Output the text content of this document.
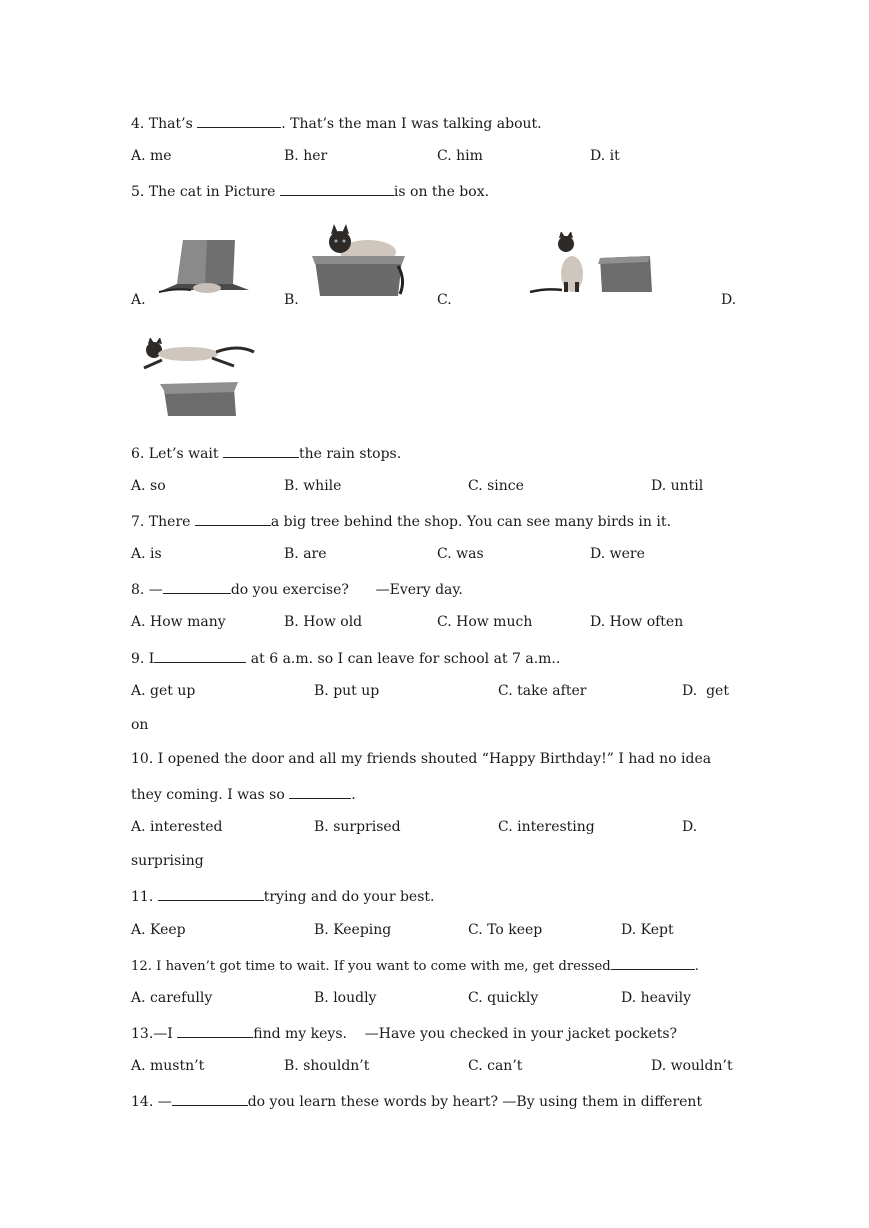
4. That’s	. That’s the man I was talking about.
A. me	B. her	C. him	D. it
5. The cat in Picture	is on the box.
A.	B.	C.	D.
6. Let’s wait	the rain stops.
A. so	B. while	C. since	D. until
7. There	a big tree behind the shop. You can see many birds in it.
A. is	B. are	C. was	D. were
8. —	do you exercise?      —Every day.
A. How many	B. How old	C. How much	D. How often
9. I	at 6 a.m. so I can leave for school at 7 a.m..
A. get up	B. put up	C. take after	D.  get
on
10. I opened the door and all my friends shouted “Happy Birthday!” I had no idea
they coming. I was so	.
A. interested	B. surprised	C. interesting	D.
surprising
11.	trying and do your best.
A. Keep	B. Keeping	C. To keep	D. Kept
12. I haven’t got time to wait. If you want to come with me, get dressed	.
A. carefully	B. loudly	C. quickly	D. heavily
13.—I	find my keys.    —Have you checked in your jacket pockets?
A. mustn’t	B. shouldn’t	C. can’t	D. wouldn’t
14. —	do you learn these words by heart? —By using them in different
